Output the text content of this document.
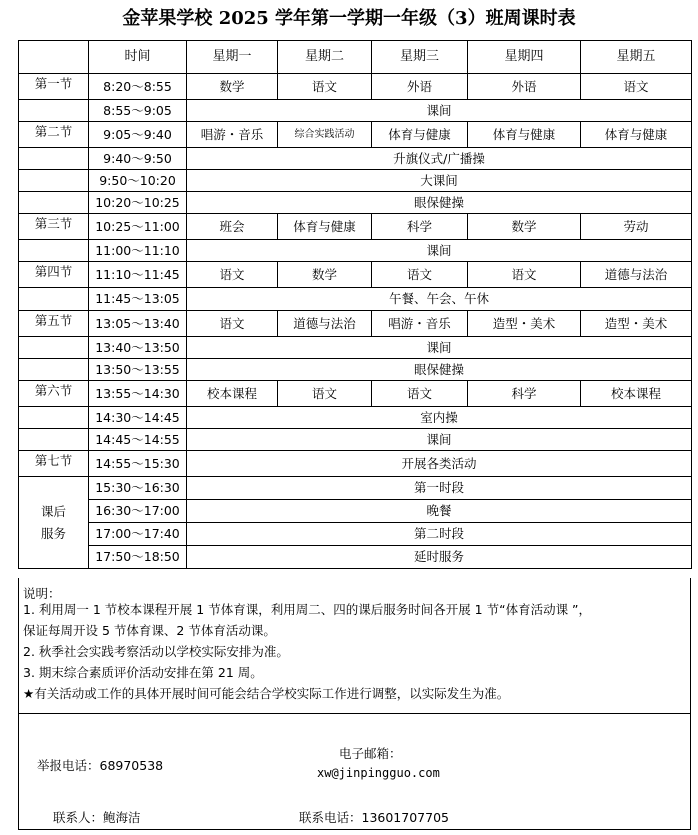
金苹果学校 2025 学年第一学期一年级（3）班周课时表
	时间	星期一	星期二	星期三	星期四	星期五
第一节	8:20～8:55	数学	语文	外语	外语	语文
	8:55～9:05	课间				
第二节	9:05～9:40	唱游・音乐	综合实践活动	体育与健康	体育与健康	体育与健康
	9:40～9:50	升旗仪式/广播操				
	9:50～10:20	大课间				
	10:20～10:25	眼保健操				
第三节	10:25～11:00	班会	体育与健康	科学	数学	劳动
	11:00～11:10	课间				
第四节	11:10～11:45	语文	数学	语文	语文	道德与法治
	11:45～13:05	午餐、午会、午休				
第五节	13:05～13:40	语文	道德与法治	唱游・音乐	造型・美术	造型・美术
	13:40～13:50	课间				
	13:50～13:55	眼保健操				
第六节	13:55～14:30	校本课程	语文	语文	科学	校本课程
	14:30～14:45	室内操				
	14:45～14:55	课间				
第七节	14:55～15:30	开展各类活动				
课后
服务	15:30～16:30	第一时段				
	16:30～17:00	晚餐				
	17:00～17:40	第二时段				
	17:50～18:50	延时服务				
说明：
1. 利用周一 1 节校本课程开展 1 节体育课，利用周二、四的课后服务时间各开展 1 节“体育活动课 ”，
保证每周开设 5 节体育课、2 节体育活动课。
2. 秋季社会实践考察活动以学校实际安排为准。
3. 期末综合素质评价活动安排在第 21 周。
★有关活动或工作的具体开展时间可能会结合学校实际工作进行调整，以实际发生为准。
举报电话：68970538
电子邮箱：
xw@jinpingguo.com
联系人：鲍海洁	联系电话：13601707705
